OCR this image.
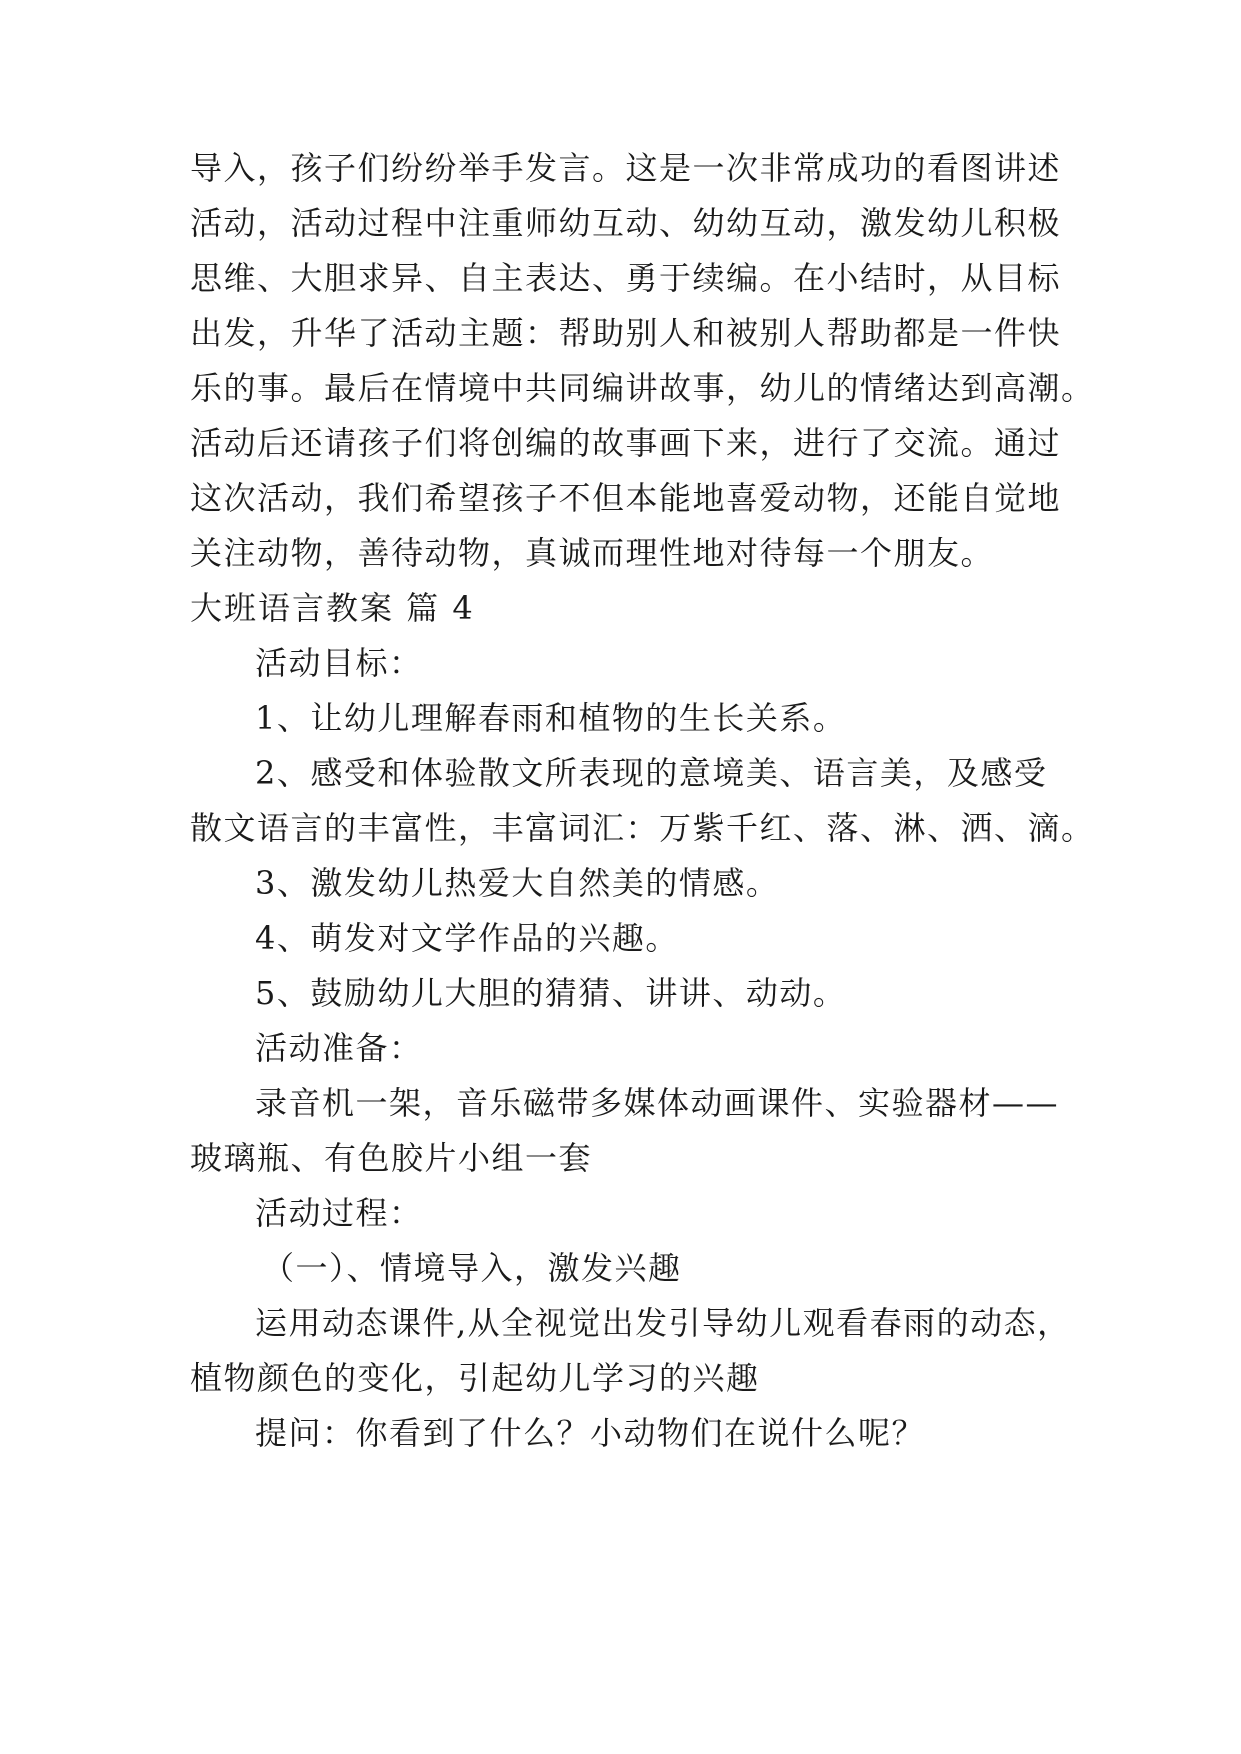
导入，孩子们纷纷举手发言。这是一次非常成功的看图讲述
活动，活动过程中注重师幼互动、幼幼互动，激发幼儿积极
思维、大胆求异、自主表达、勇于续编。在小结时，从目标
出发，升华了活动主题：帮助别人和被别人帮助都是一件快
乐的事。最后在情境中共同编讲故事，幼儿的情绪达到高潮。
活动后还请孩子们将创编的故事画下来，进行了交流。通过
这次活动，我们希望孩子不但本能地喜爱动物，还能自觉地
关注动物，善待动物，真诚而理性地对待每一个朋友。
大班语言教案 篇 4
活动目标：
1、让幼儿理解春雨和植物的生长关系。
2、感受和体验散文所表现的意境美、语言美，及感受
散文语言的丰富性，丰富词汇：万紫千红、落、淋、洒、滴。
3、激发幼儿热爱大自然美的情感。
4、萌发对文学作品的兴趣。
5、鼓励幼儿大胆的猜猜、讲讲、动动。
活动准备：
录音机一架，音乐磁带多媒体动画课件、实验器材——
玻璃瓶、有色胶片小组一套
活动过程：
（一）、情境导入，激发兴趣
运用动态课件,从全视觉出发引导幼儿观看春雨的动态，
植物颜色的变化，引起幼儿学习的兴趣
提问：你看到了什么？小动物们在说什么呢？
